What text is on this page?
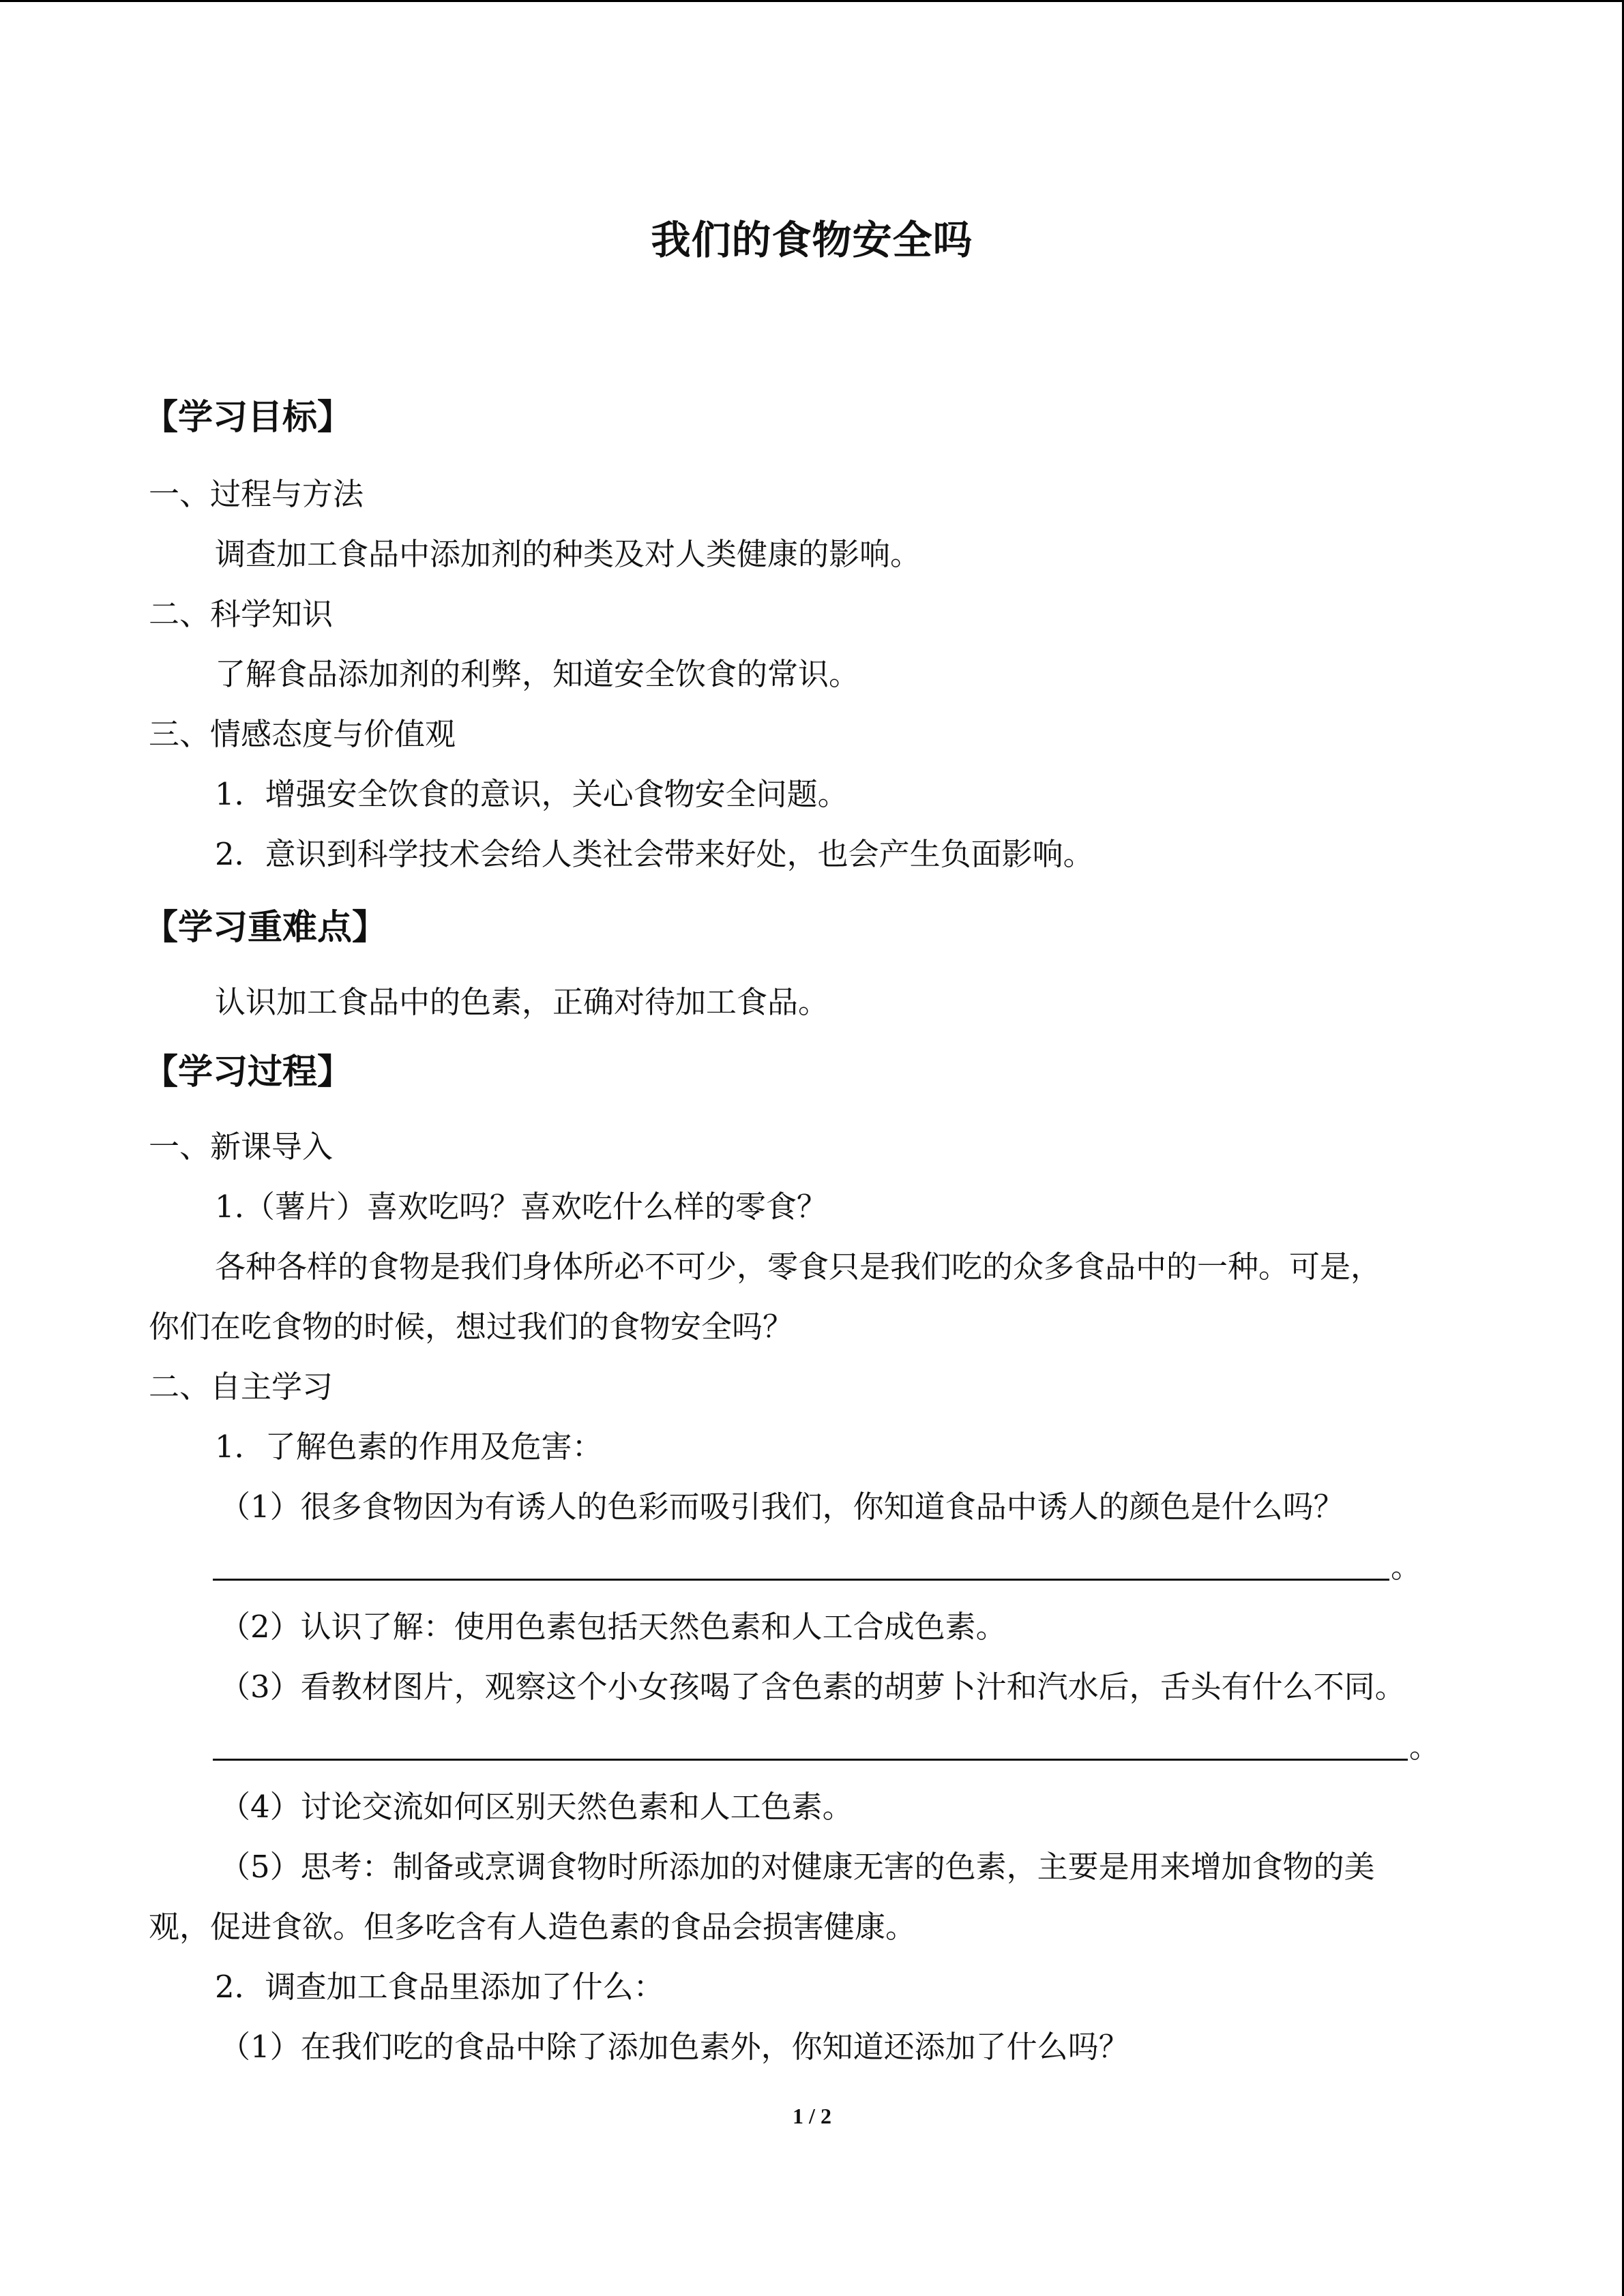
我们的食物安全吗
【学习目标】
一、过程与方法
调查加工食品中添加剂的种类及对人类健康的影响。
二、科学知识
了解食品添加剂的利弊，知道安全饮食的常识。
三、情感态度与价值观
1．增强安全饮食的意识，关心食物安全问题。
2．意识到科学技术会给人类社会带来好处，也会产生负面影响。
【学习重难点】
认识加工食品中的色素，正确对待加工食品。
【学习过程】
一、新课导入
1.（薯片）喜欢吃吗？喜欢吃什么样的零食？
各种各样的食物是我们身体所必不可少，零食只是我们吃的众多食品中的一种。可是，
你们在吃食物的时候，想过我们的食物安全吗？
二、自主学习
1．了解色素的作用及危害：
（1）很多食物因为有诱人的色彩而吸引我们，你知道食品中诱人的颜色是什么吗？
。
（2）认识了解：使用色素包括天然色素和人工合成色素。
（3）看教材图片，观察这个小女孩喝了含色素的胡萝卜汁和汽水后，舌头有什么不同。
。
（4）讨论交流如何区别天然色素和人工色素。
（5）思考：制备或烹调食物时所添加的对健康无害的色素，主要是用来增加食物的美
观，促进食欲。但多吃含有人造色素的食品会损害健康。
2．调查加工食品里添加了什么：
（1）在我们吃的食品中除了添加色素外，你知道还添加了什么吗？
1 / 2
